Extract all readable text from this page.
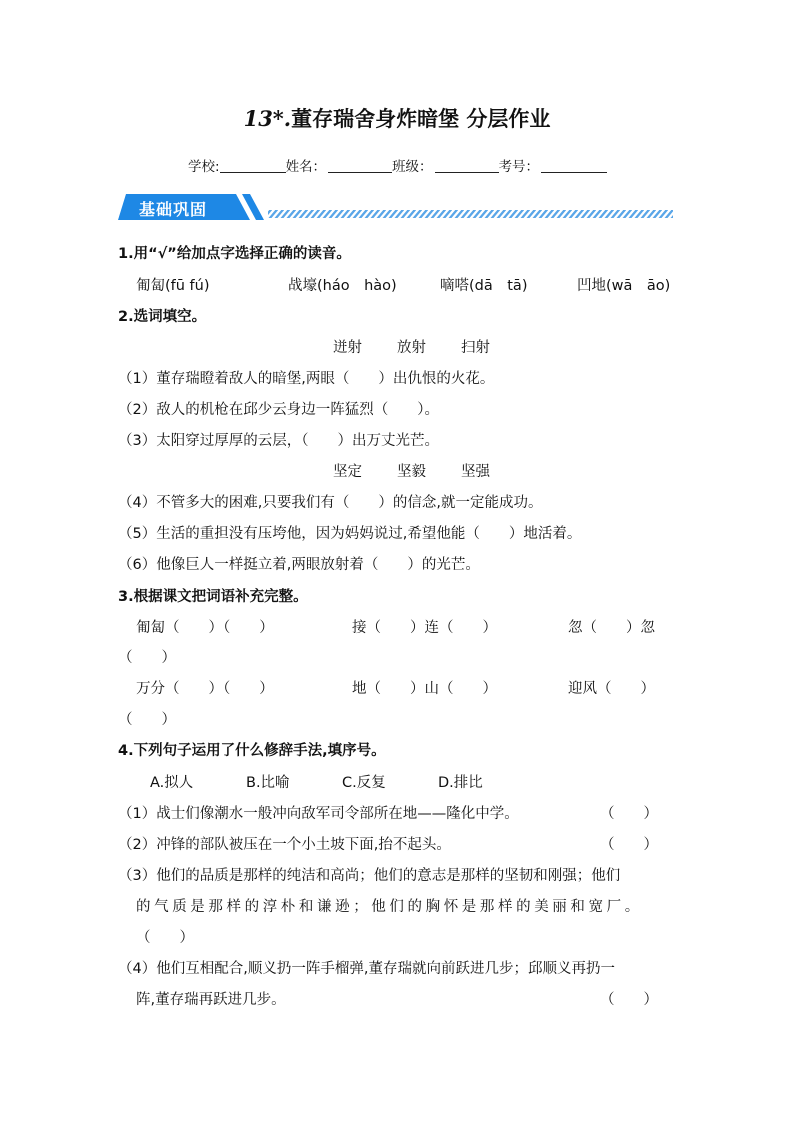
13*.董存瑞舍身炸暗堡 分层作业
学校:	姓名：	班级：	考号：
基础巩固
1.用“√”给加点字选择正确的读音。
匍匐(fū fú)	战壕(háo　hào)	嘀嗒(dā　tā)	凹地(wā　āo)
2.选词填空。
迸射 放射 扫射
（1）董存瑞瞪着敌人的暗堡,两眼（　　）出仇恨的火花。
（2）敌人的机枪在邱少云身边一阵猛烈（　　）。
（3）太阳穿过厚厚的云层，（　　）出万丈光芒。
坚定 坚毅 坚强
（4）不管多大的困难,只要我们有（　　）的信念,就一定能成功。
（5）生活的重担没有压垮他，因为妈妈说过,希望他能（　　）地活着。
（6）他像巨人一样挺立着,两眼放射着（　　）的光芒。
3.根据课文把词语补充完整。
匍匐（　　）（　　）	接（　　）连（　　）	忽（　　）忽
（　　）
万分（　　）（　　）	地（　　）山（　　）	迎风（　　）
（　　）
4.下列句子运用了什么修辞手法,填序号。
A.拟人	B.比喻	C.反复	D.排比
（1）战士们像潮水一般冲向敌军司令部所在地——隆化中学。	（　　）
（2）冲锋的部队被压在一个小土坡下面,抬不起头。	（　　）
（3）他们的品质是那样的纯洁和高尚；他们的意志是那样的坚韧和刚强；他们
的气质是那样的淳朴和谦逊；他们的胸怀是那样的美丽和宽厂。
（　　）
（4）他们互相配合,顺义扔一阵手榴弹,董存瑞就向前跃进几步；邱顺义再扔一
阵,董存瑞再跃进几步。	（　　）
